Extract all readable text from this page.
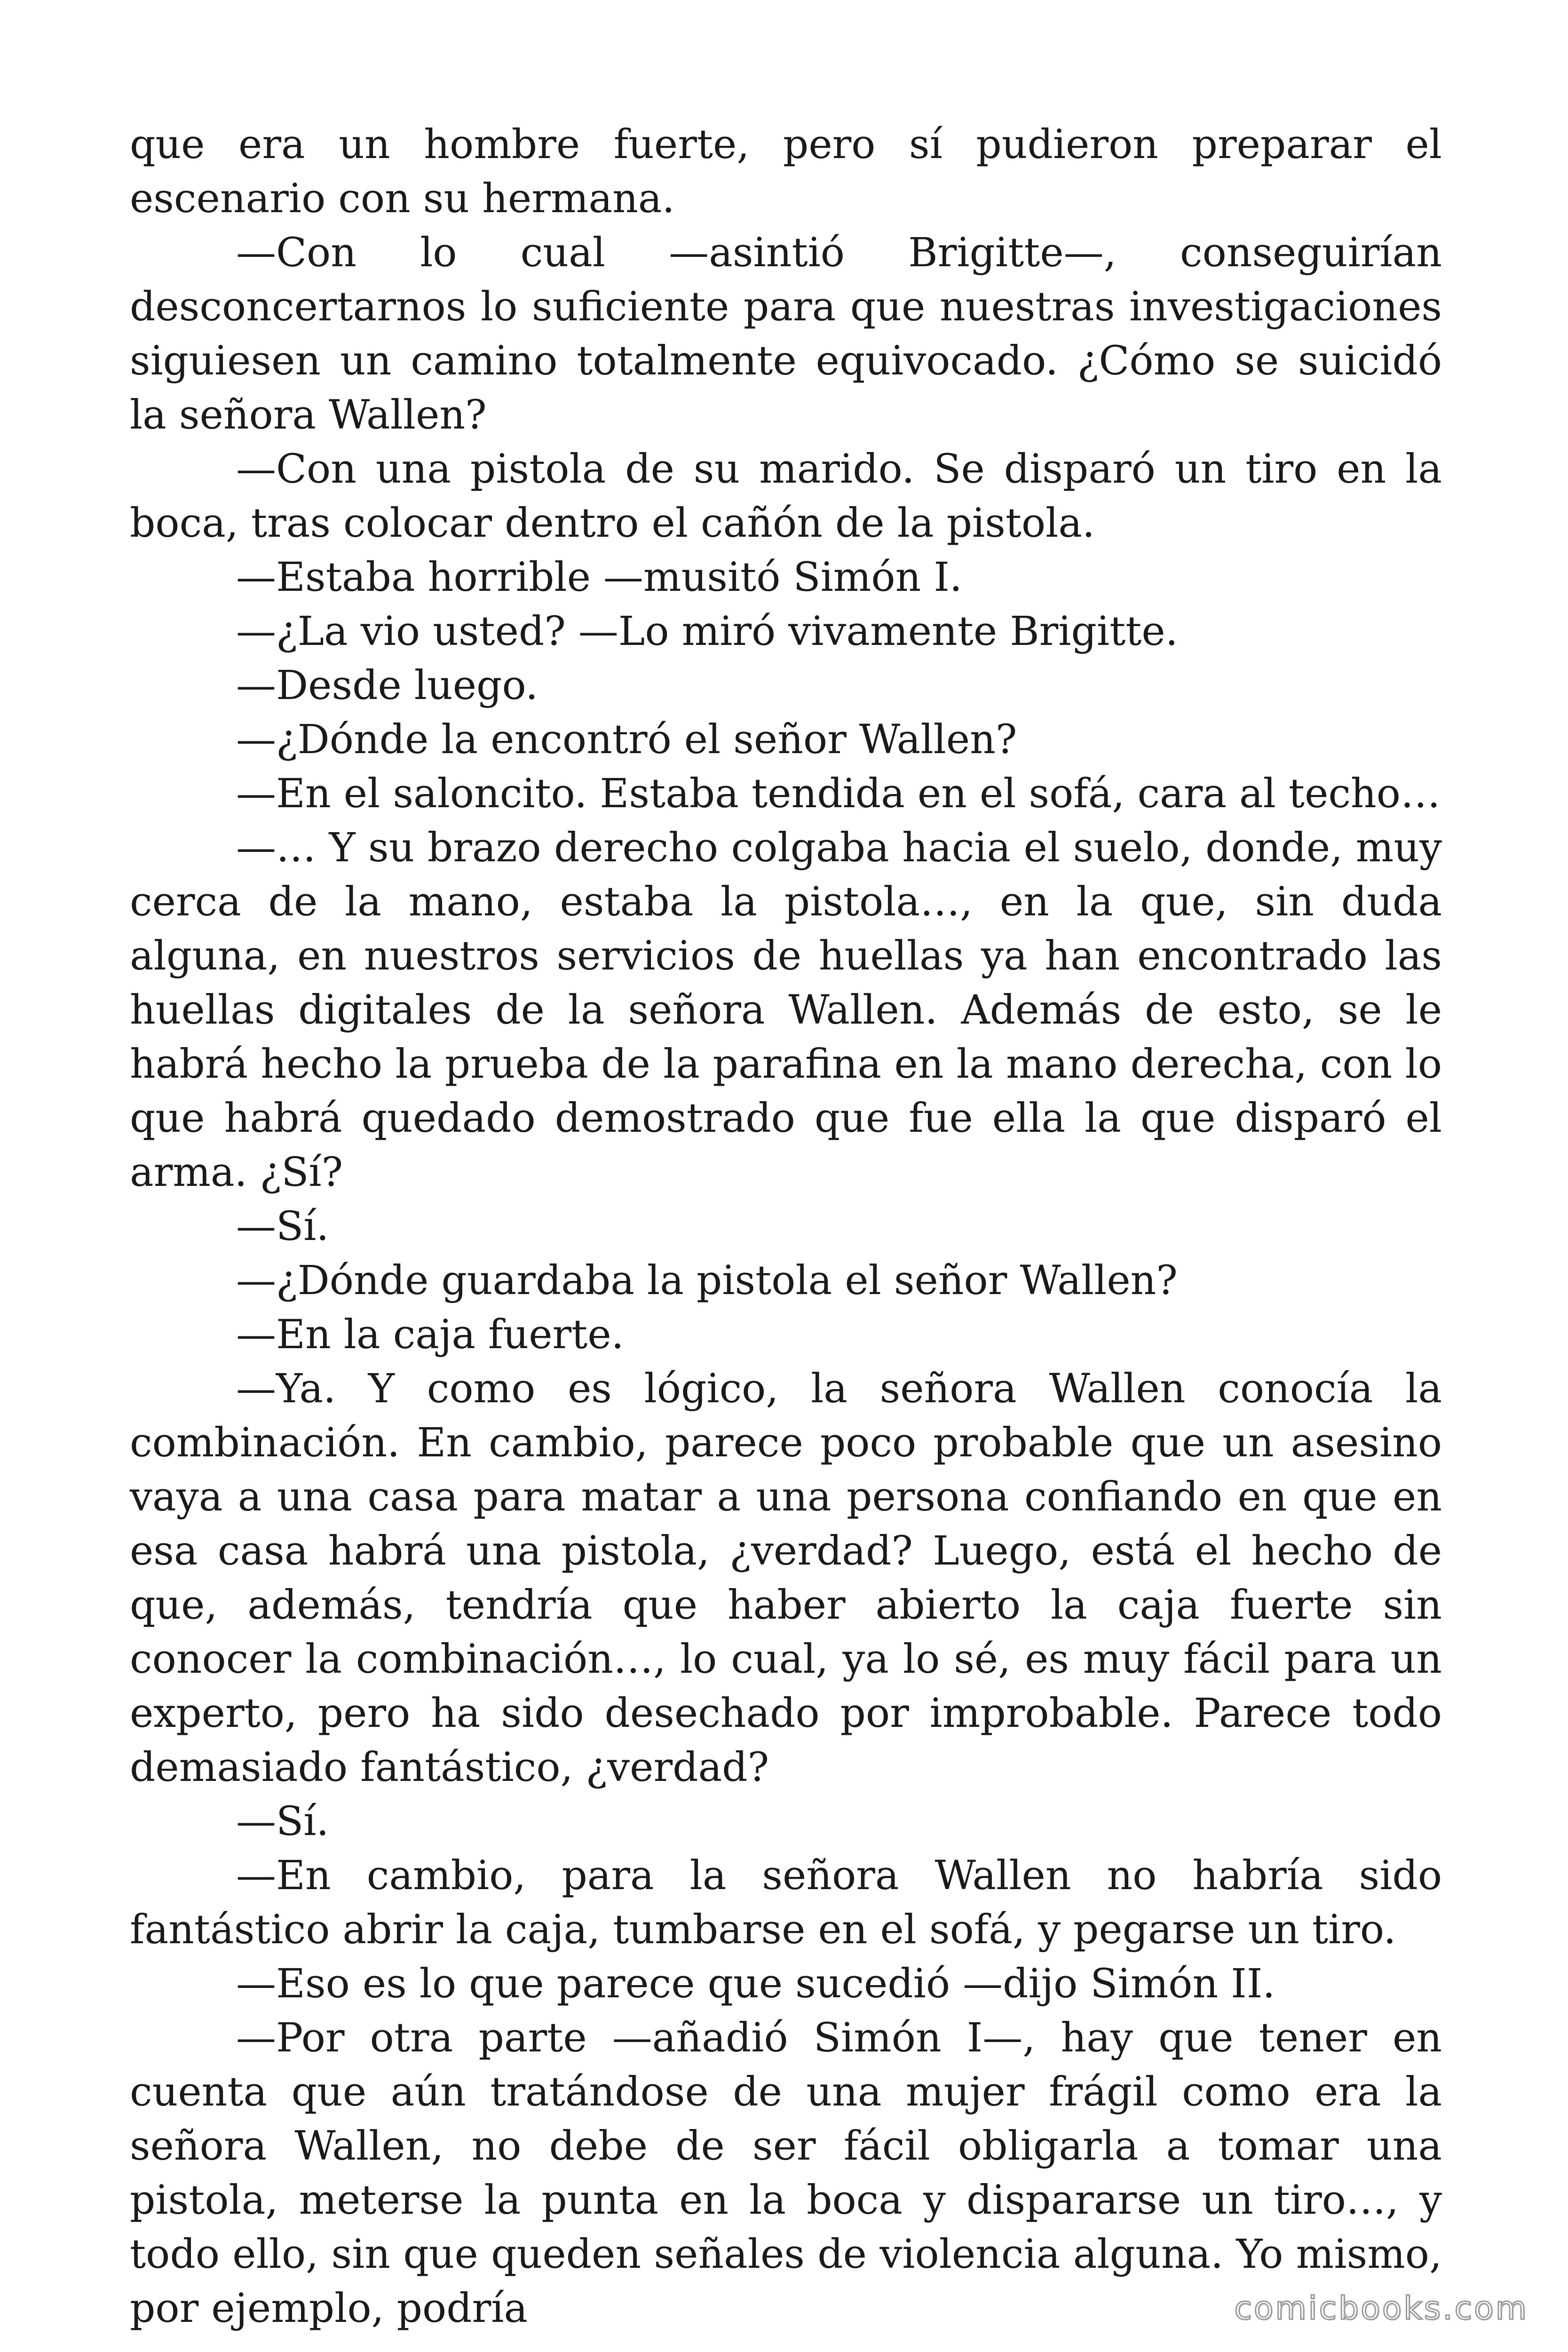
que era un hombre fuerte, pero sí pudieron preparar el escenario con su hermana.

—Con lo cual —asintió Brigitte—, conseguirían desconcertarnos lo suficiente para que nuestras investigaciones siguiesen un camino totalmente equivocado. ¿Cómo se suicidó la señora Wallen?

—Con una pistola de su marido. Se disparó un tiro en la boca, tras colocar dentro el cañón de la pistola.

—Estaba horrible —musitó Simón I.

—¿La vio usted? —Lo miró vivamente Brigitte.

—Desde luego.

—¿Dónde la encontró el señor Wallen?

—En el saloncito. Estaba tendida en el sofá, cara al techo…

—… Y su brazo derecho colgaba hacia el suelo, donde, muy cerca de la mano, estaba la pistola…, en la que, sin duda alguna, en nuestros servicios de huellas ya han encontrado las huellas digitales de la señora Wallen. Además de esto, se le habrá hecho la prueba de la parafina en la mano derecha, con lo que habrá quedado demostrado que fue ella la que disparó el arma. ¿Sí?

—Sí.

—¿Dónde guardaba la pistola el señor Wallen?

—En la caja fuerte.

—Ya. Y como es lógico, la señora Wallen conocía la combinación. En cambio, parece poco probable que un asesino vaya a una casa para matar a una persona confiando en que en esa casa habrá una pistola, ¿verdad? Luego, está el hecho de que, además, tendría que haber abierto la caja fuerte sin conocer la combinación…, lo cual, ya lo sé, es muy fácil para un experto, pero ha sido desechado por improbable. Parece todo demasiado fantástico, ¿verdad?

—Sí.

—En cambio, para la señora Wallen no habría sido fantástico abrir la caja, tumbarse en el sofá, y pegarse un tiro.

—Eso es lo que parece que sucedió —dijo Simón II.

—Por otra parte —añadió Simón I—, hay que tener en cuenta que aún tratándose de una mujer frágil como era la señora Wallen, no debe de ser fácil obligarla a tomar una pistola, meterse la punta en la boca y dispararse un tiro…, y todo ello, sin que queden señales de violencia alguna. Yo mismo, por ejemplo, podría	comicbooks.com
